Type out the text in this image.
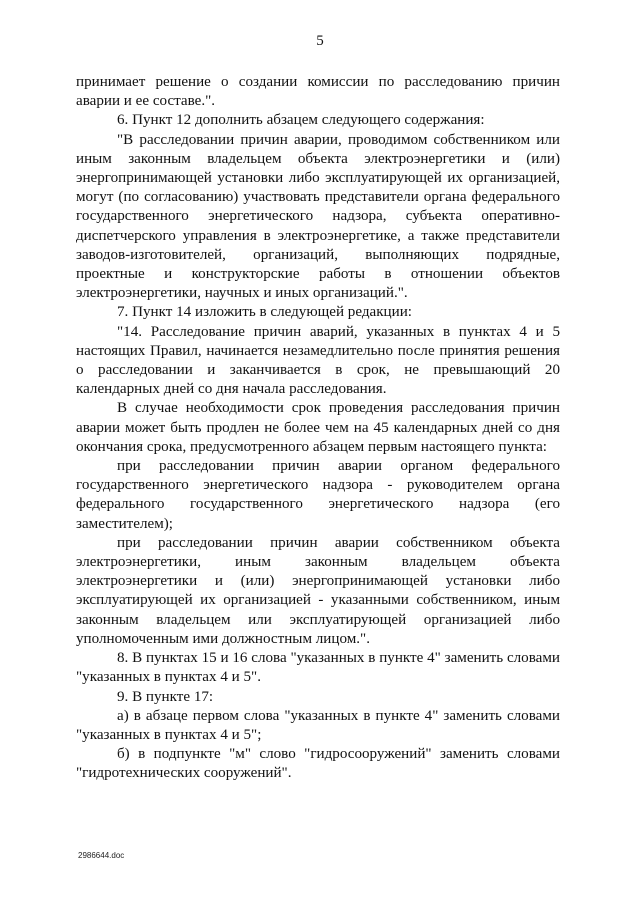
5

принимает решение о создании комиссии по расследованию причин аварии и ее составе.".

6. Пункт 12 дополнить абзацем следующего содержания:

"В расследовании причин аварии, проводимом собственником или иным законным владельцем объекта электроэнергетики и (или) энергопринимающей установки либо эксплуатирующей их организацией, могут (по согласованию) участвовать представители органа федерального государственного энергетического надзора, субъекта оперативно-диспетчерского управления в электроэнергетике, а также представители заводов-изготовителей, организаций, выполняющих подрядные, проектные и конструкторские работы в отношении объектов электроэнергетики, научных и иных организаций.".

7. Пункт 14 изложить в следующей редакции:

"14. Расследование причин аварий, указанных в пунктах 4 и 5 настоящих Правил, начинается незамедлительно после принятия решения о расследовании и заканчивается в срок, не превышающий 20 календарных дней со дня начала расследования.

В случае необходимости срок проведения расследования причин аварии может быть продлен не более чем на 45 календарных дней со дня окончания срока, предусмотренного абзацем первым настоящего пункта:

при расследовании причин аварии органом федерального государственного энергетического надзора - руководителем органа федерального государственного энергетического надзора (его заместителем);

при расследовании причин аварии собственником объекта электроэнергетики, иным законным владельцем объекта электроэнергетики и (или) энергопринимающей установки либо эксплуатирующей их организацией - указанными собственником, иным законным владельцем или эксплуатирующей организацией либо уполномоченным ими должностным лицом.".

8. В пунктах 15 и 16 слова "указанных в пункте 4" заменить словами "указанных в пунктах 4 и 5".

9. В пункте 17:

а) в абзаце первом слова "указанных в пункте 4" заменить словами "указанных в пунктах 4 и 5";

б) в подпункте "м" слово "гидросооружений" заменить словами "гидротехнических сооружений".

2986644.doc
